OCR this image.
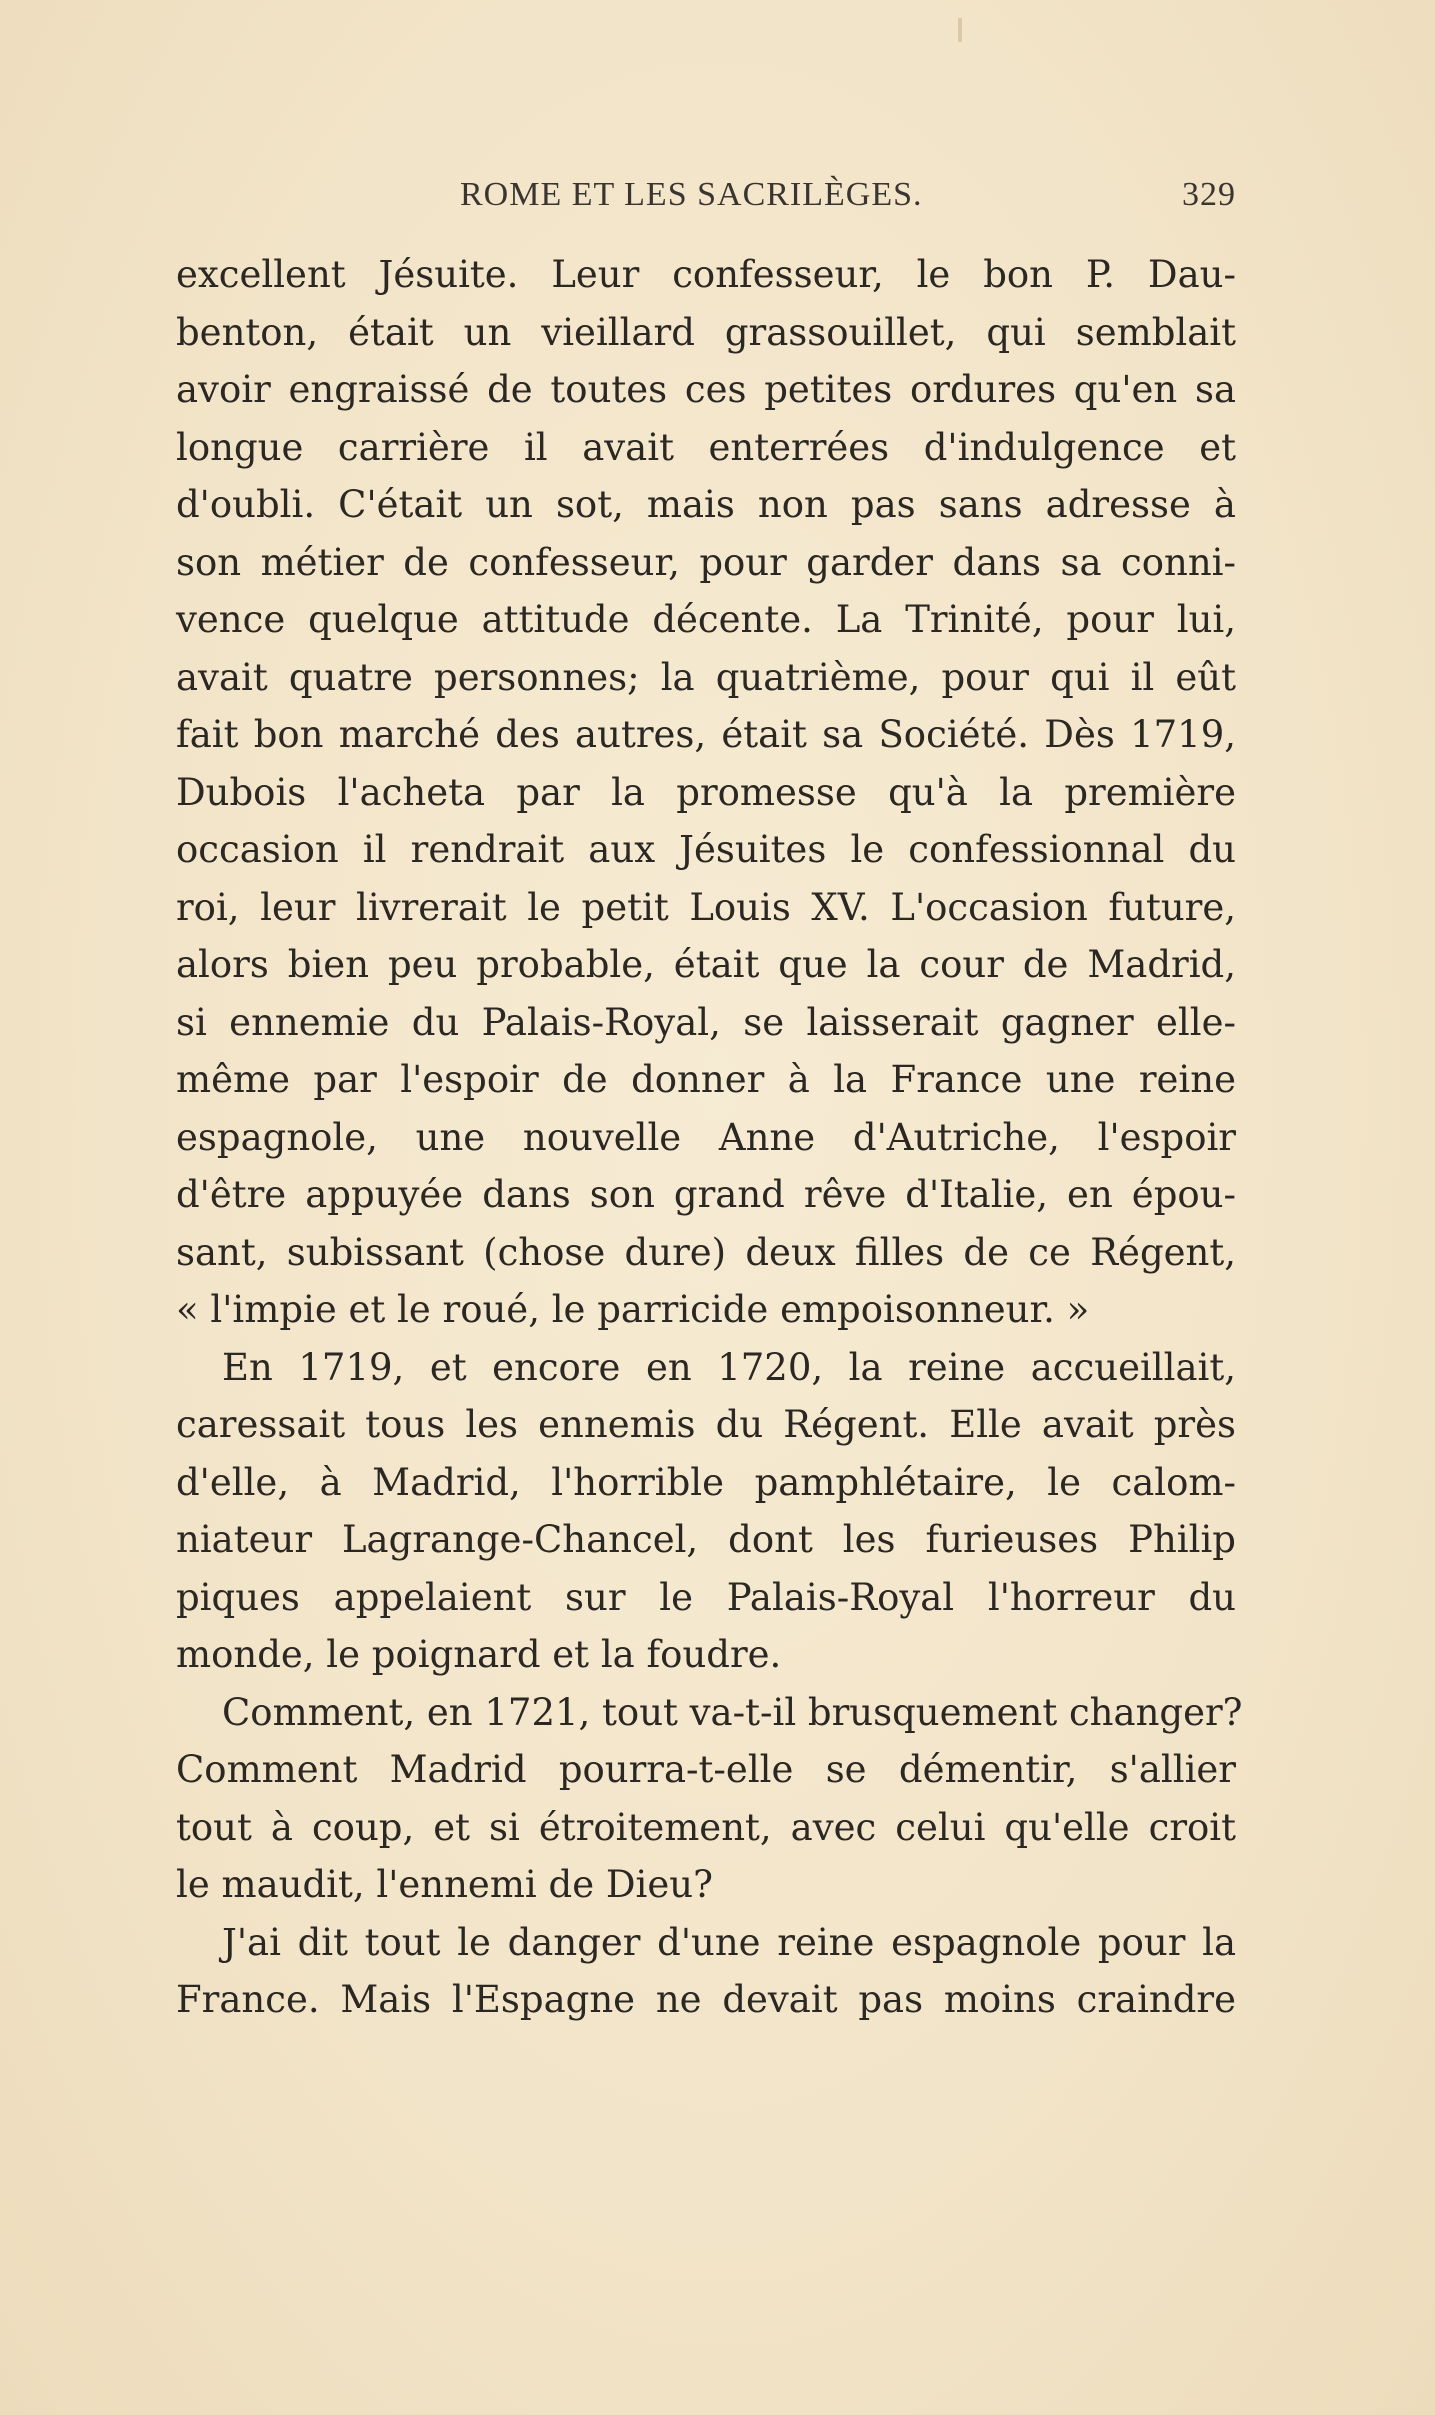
ROME ET LES SACRILÈGES.	329

excellent Jésuite. Leur confesseur, le bon P. Dau-

benton, était un vieillard grassouillet, qui semblait

avoir engraissé de toutes ces petites ordures qu'en sa

longue carrière il avait enterrées d'indulgence et

d'oubli. C'était un sot, mais non pas sans adresse à

son métier de confesseur, pour garder dans sa conni-

vence quelque attitude décente. La Trinité, pour lui,

avait quatre personnes; la quatrième, pour qui il eût

fait bon marché des autres, était sa Société. Dès 1719,

Dubois l'acheta par la promesse qu'à la première

occasion il rendrait aux Jésuites le confessionnal du

roi, leur livrerait le petit Louis XV. L'occasion future,

alors bien peu probable, était que la cour de Madrid,

si ennemie du Palais-Royal, se laisserait gagner elle-

même par l'espoir de donner à la France une reine

espagnole, une nouvelle Anne d'Autriche, l'espoir

d'être appuyée dans son grand rêve d'Italie, en épou-

sant, subissant (chose dure) deux filles de ce Régent,

« l'impie et le roué, le parricide empoisonneur. »

En 1719, et encore en 1720, la reine accueillait,

caressait tous les ennemis du Régent. Elle avait près

d'elle, à Madrid, l'horrible pamphlétaire, le calom-

niateur Lagrange-Chancel, dont les furieuses Philip

piques appelaient sur le Palais-Royal l'horreur du

monde, le poignard et la foudre.

Comment, en 1721, tout va-t-il brusquement changer?

Comment Madrid pourra-t-elle se démentir, s'allier

tout à coup, et si étroitement, avec celui qu'elle croit

le maudit, l'ennemi de Dieu?

J'ai dit tout le danger d'une reine espagnole pour la

France. Mais l'Espagne ne devait pas moins craindre
